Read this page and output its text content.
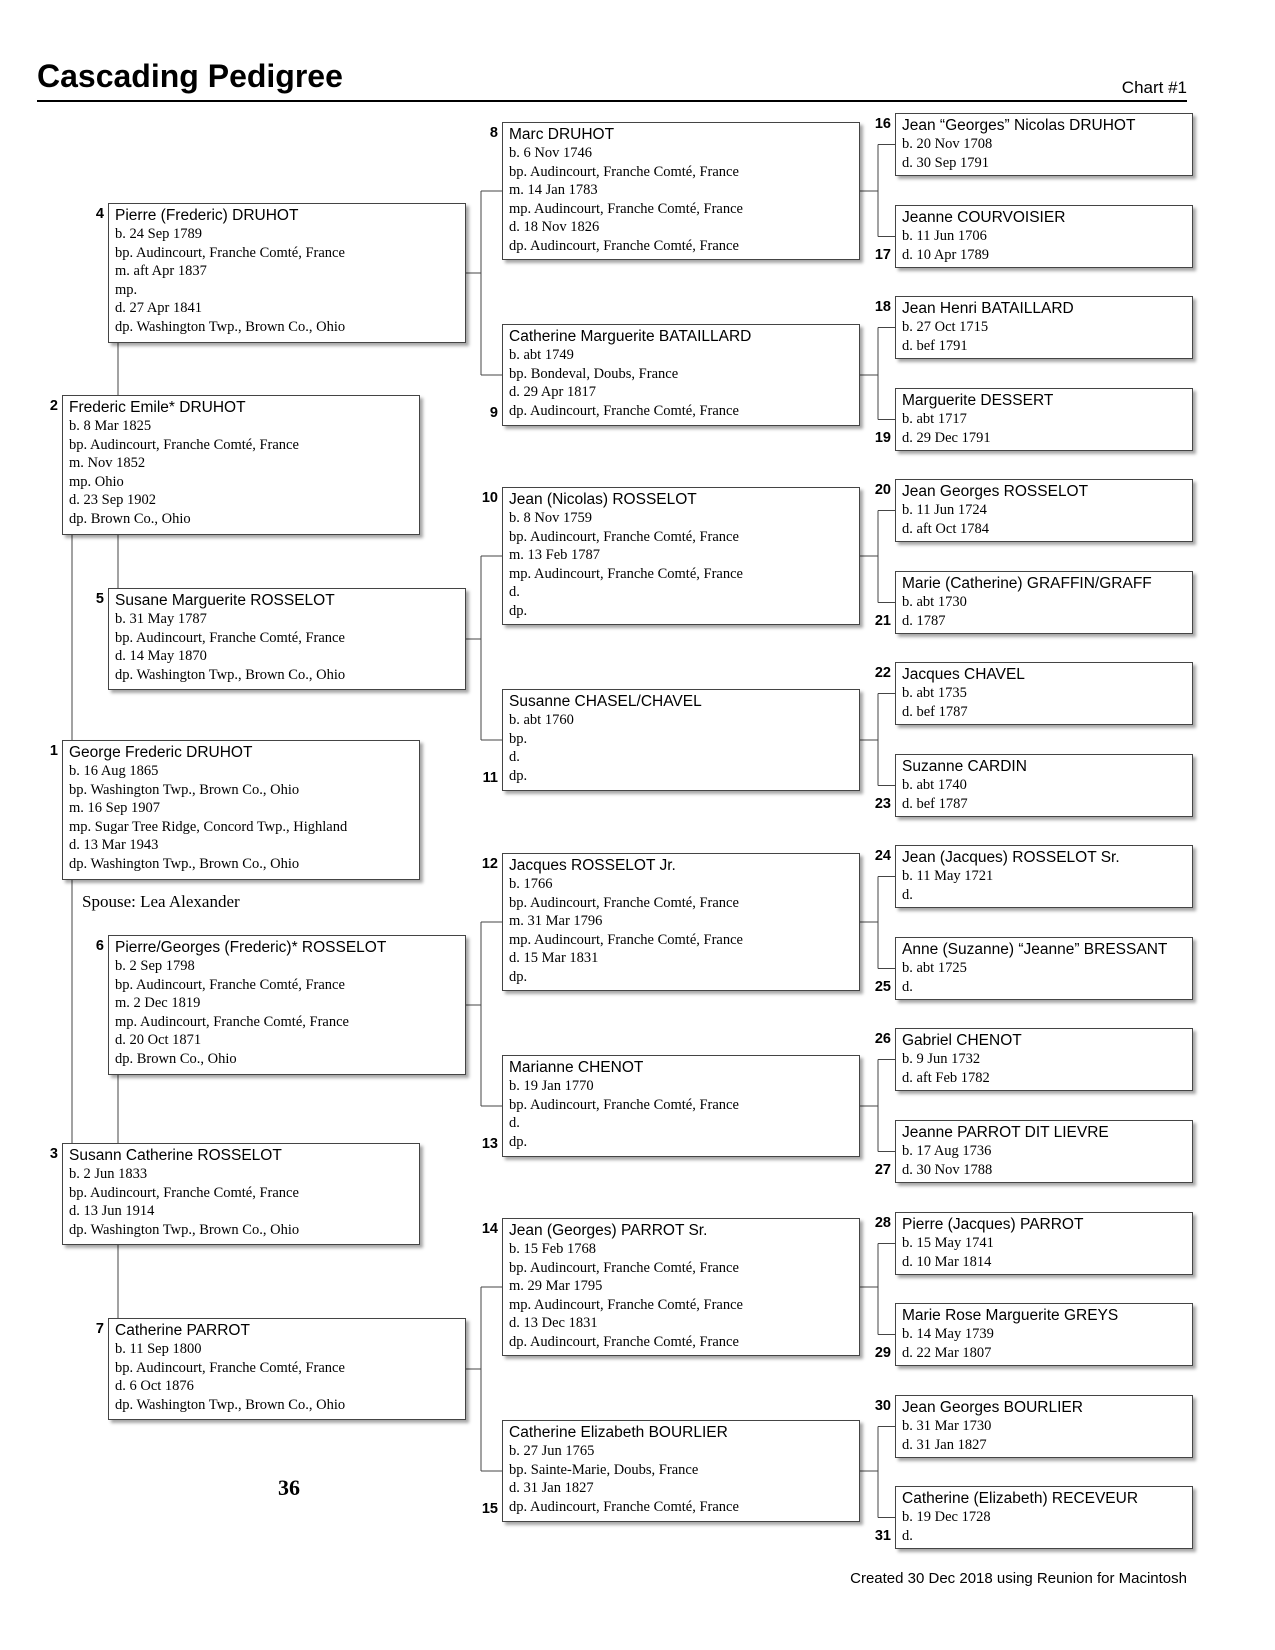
Cascading Pedigree	Chart #1
George Frederic DRUHOT
b. 16 Aug 1865
bp. Washington Twp., Brown Co., Ohio
m. 16 Sep 1907
mp. Sugar Tree Ridge, Concord Twp., Highland
d. 13 Mar 1943
dp. Washington Twp., Brown Co., Ohio
1
Frederic Emile* DRUHOT
b. 8 Mar 1825
bp. Audincourt, Franche Comté, France
m. Nov 1852
mp. Ohio
d. 23 Sep 1902
dp. Brown Co., Ohio
2
Susann Catherine ROSSELOT
b. 2 Jun 1833
bp. Audincourt, Franche Comté, France
d. 13 Jun 1914
dp. Washington Twp., Brown Co., Ohio
3
Pierre (Frederic) DRUHOT
b. 24 Sep 1789
bp. Audincourt, Franche Comté, France
m. aft Apr 1837
mp.
d. 27 Apr 1841
dp. Washington Twp., Brown Co., Ohio
4
Susane Marguerite ROSSELOT
b. 31 May 1787
bp. Audincourt, Franche Comté, France
d. 14 May 1870
dp. Washington Twp., Brown Co., Ohio
5
Pierre/Georges (Frederic)* ROSSELOT
b. 2 Sep 1798
bp. Audincourt, Franche Comté, France
m. 2 Dec 1819
mp. Audincourt, Franche Comté, France
d. 20 Oct 1871
dp. Brown Co., Ohio
6
Catherine PARROT
b. 11 Sep 1800
bp. Audincourt, Franche Comté, France
d. 6 Oct 1876
dp. Washington Twp., Brown Co., Ohio
7
Marc DRUHOT
b. 6 Nov 1746
bp. Audincourt, Franche Comté, France
m. 14 Jan 1783
mp. Audincourt, Franche Comté, France
d. 18 Nov 1826
dp. Audincourt, Franche Comté, France
8
Catherine Marguerite BATAILLARD
b. abt 1749
bp. Bondeval, Doubs, France
d. 29 Apr 1817
dp. Audincourt, Franche Comté, France
9
Jean (Nicolas) ROSSELOT
b. 8 Nov 1759
bp. Audincourt, Franche Comté, France
m. 13 Feb 1787
mp. Audincourt, Franche Comté, France
d.
dp.
10
Susanne CHASEL/CHAVEL
b. abt 1760
bp.
d.
dp.
11
Jacques ROSSELOT Jr.
b. 1766
bp. Audincourt, Franche Comté, France
m. 31 Mar 1796
mp. Audincourt, Franche Comté, France
d. 15 Mar 1831
dp.
12
Marianne CHENOT
b. 19 Jan 1770
bp. Audincourt, Franche Comté, France
d.
dp.
13
Jean (Georges) PARROT Sr.
b. 15 Feb 1768
bp. Audincourt, Franche Comté, France
m. 29 Mar 1795
mp. Audincourt, Franche Comté, France
d. 13 Dec 1831
dp. Audincourt, Franche Comté, France
14
Catherine Elizabeth BOURLIER
b. 27 Jun 1765
bp. Sainte-Marie, Doubs, France
d. 31 Jan 1827
dp. Audincourt, Franche Comté, France
15
Jean “Georges” Nicolas DRUHOT
b. 20 Nov 1708
d. 30 Sep 1791
16
Jeanne COURVOISIER
b. 11 Jun 1706
d. 10 Apr 1789
17
Jean Henri BATAILLARD
b. 27 Oct 1715
d. bef 1791
18
Marguerite DESSERT
b. abt 1717
d. 29 Dec 1791
19
Jean Georges ROSSELOT
b. 11 Jun 1724
d. aft Oct 1784
20
Marie (Catherine) GRAFFIN/GRAFF
b. abt 1730
d. 1787
21
Jacques CHAVEL
b. abt 1735
d. bef 1787
22
Suzanne CARDIN
b. abt 1740
d. bef 1787
23
Jean (Jacques) ROSSELOT Sr.
b. 11 May 1721
d.
24
Anne (Suzanne) “Jeanne” BRESSANT
b. abt 1725
d.
25
Gabriel CHENOT
b. 9 Jun 1732
d. aft Feb 1782
26
Jeanne PARROT DIT LIEVRE
b. 17 Aug 1736
d. 30 Nov 1788
27
Pierre (Jacques) PARROT
b. 15 May 1741
d. 10 Mar 1814
28
Marie Rose Marguerite GREYS
b. 14 May 1739
d. 22 Mar 1807
29
Jean Georges BOURLIER
b. 31 Mar 1730
d. 31 Jan 1827
30
Catherine (Elizabeth) RECEVEUR
b. 19 Dec 1728
d.
31
Spouse: Lea Alexander
36
Created 30 Dec 2018 using Reunion for Macintosh
